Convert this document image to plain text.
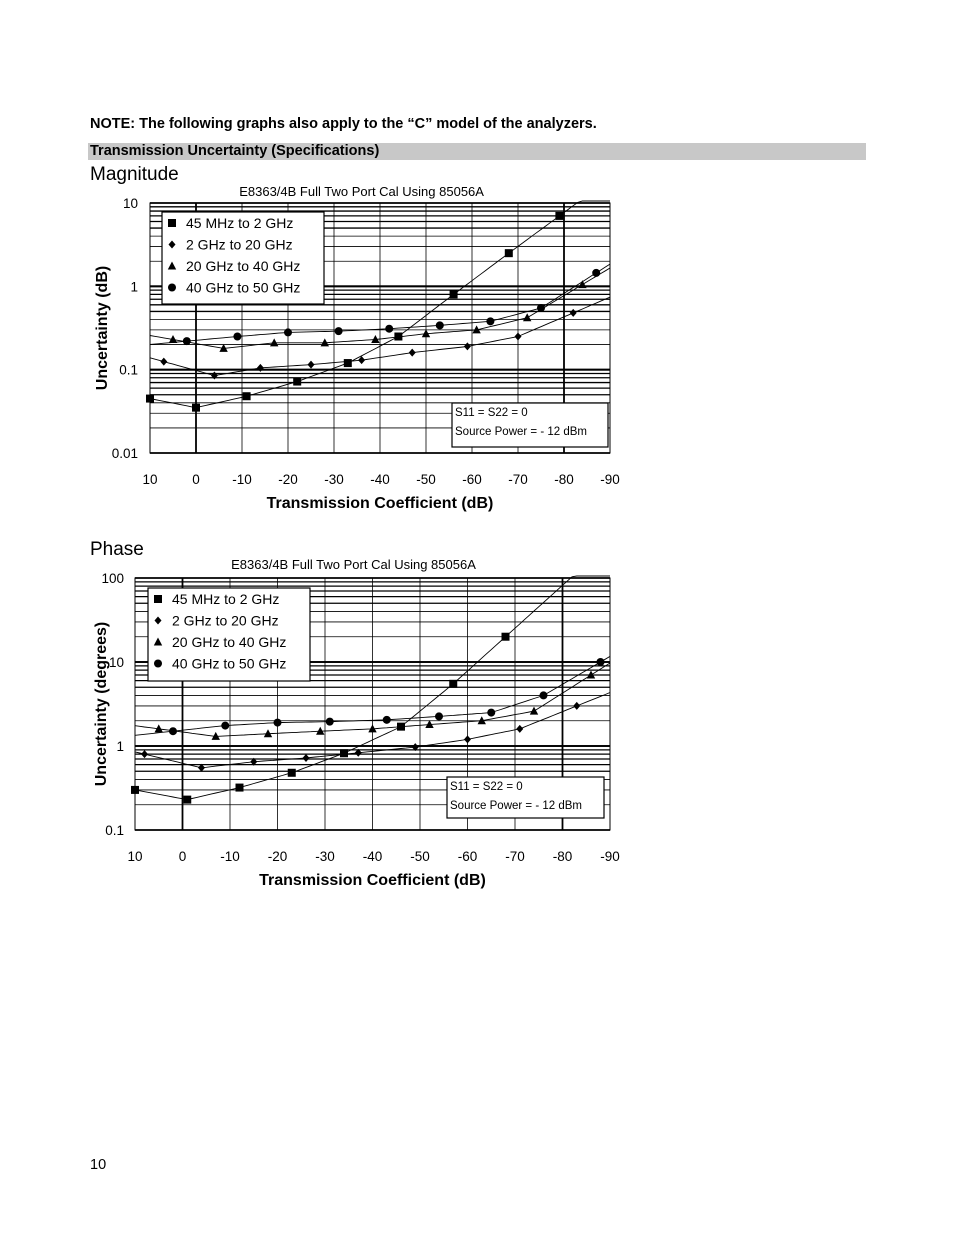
NOTE: The following graphs also apply to the “C” model of the analyzers.
Transmission Uncertainty (Specifications)
Magnitude
E8363/4B Full Two Port Cal Using 85056A
10
1
0.1
0.01
10	0 -10 -20 -30 -40 -50 -60 -70 -80 -90
Transmission Coefficient (dB)
Uncertainty (dB)
45 MHz to 2 GHz
2 GHz to 20 GHz
20 GHz to 40 GHz
40 GHz to 50 GHz
S11 = S22 = 0
Source Power = - 12 dBm
Phase
E8363/4B Full Two Port Cal Using 85056A
100
10
1
0.1
10	0	-10 -20 -30 -40 -50 -60 -70 -80 -90
Transmission Coefficient (dB)
Uncertainty (degrees)
45 MHz to 2 GHz
2 GHz to 20 GHz
20 GHz to 40 GHz
40 GHz to 50 GHz
S11 = S22 = 0
Source Power = - 12 dBm
10
